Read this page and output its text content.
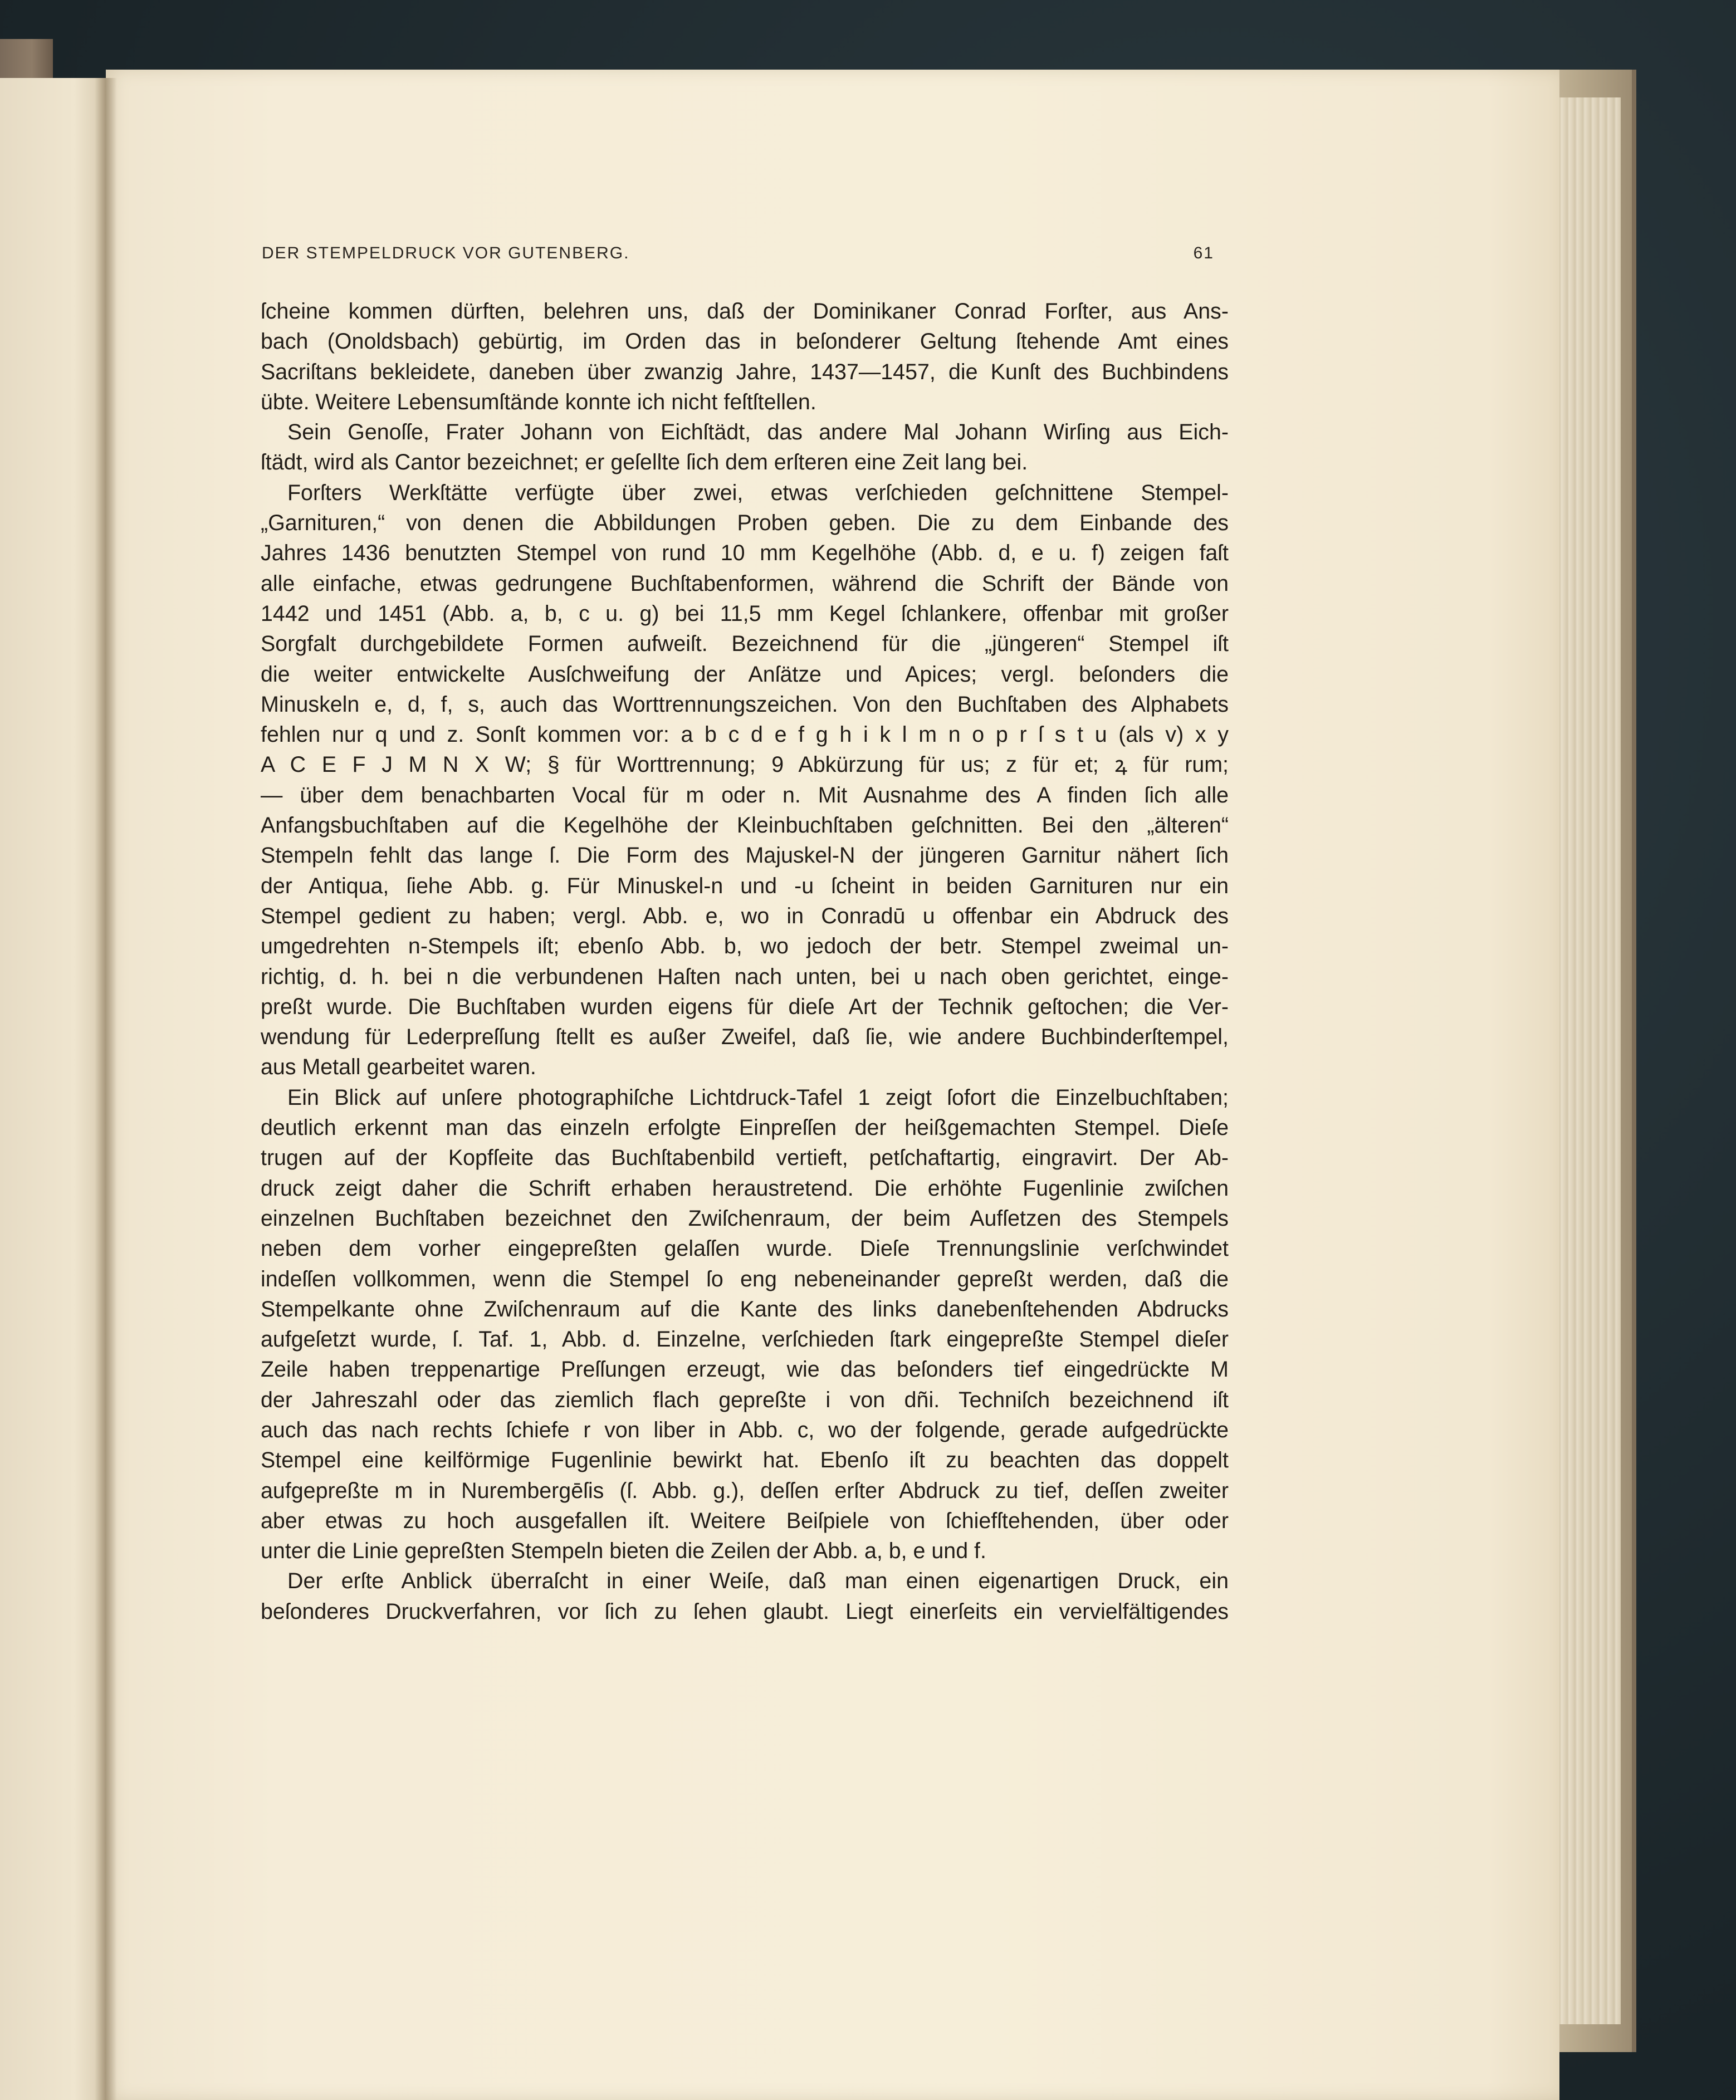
DER STEMPELDRUCK VOR GUTENBERG.	61
ſcheine kommen dürften, belehren uns, daß der Dominikaner Conrad Forſter, aus Ans-
bach (Onoldsbach) gebürtig, im Orden das in beſonderer Geltung ſtehende Amt eines
Sacriſtans bekleidete, daneben über zwanzig Jahre, 1437—1457, die Kunſt des Buchbindens
übte. Weitere Lebensumſtände konnte ich nicht feſtſtellen.
Sein Genoſſe, Frater Johann von Eichſtädt, das andere Mal Johann Wirſing aus Eich-
ſtädt, wird als Cantor bezeichnet; er geſellte ſich dem erſteren eine Zeit lang bei.
Forſters Werkſtätte verfügte über zwei, etwas verſchieden geſchnittene Stempel-
„Garnituren,“ von denen die Abbildungen Proben geben. Die zu dem Einbande des
Jahres 1436 benutzten Stempel von rund 10 mm Kegelhöhe (Abb. d, e u. f) zeigen faſt
alle einfache, etwas gedrungene Buchſtabenformen, während die Schrift der Bände von
1442 und 1451 (Abb. a, b, c u. g) bei 11,5 mm Kegel ſchlankere, offenbar mit großer
Sorgfalt durchgebildete Formen aufweiſt. Bezeichnend für die „jüngeren“ Stempel iſt
die weiter entwickelte Ausſchweifung der Anſätze und Apices; vergl. beſonders die
Minuskeln e, d, f, s, auch das Worttrennungszeichen. Von den Buchſtaben des Alphabets
fehlen nur q und z. Sonſt kommen vor: a b c d e f g h i k l m n o p r ſ s t u (als v) x y
A C E F J M N X W; § für Worttrennung; 9 Abkürzung für us; z für et; ꝝ für rum;
— über dem benachbarten Vocal für m oder n. Mit Ausnahme des A finden ſich alle
Anfangsbuchſtaben auf die Kegelhöhe der Kleinbuchſtaben geſchnitten. Bei den „älteren“
Stempeln fehlt das lange ſ. Die Form des Majuskel-N der jüngeren Garnitur nähert ſich
der Antiqua, ſiehe Abb. g. Für Minuskel-n und -u ſcheint in beiden Garnituren nur ein
Stempel gedient zu haben; vergl. Abb. e, wo in Conradū u offenbar ein Abdruck des
umgedrehten n-Stempels iſt; ebenſo Abb. b, wo jedoch der betr. Stempel zweimal un-
richtig, d. h. bei n die verbundenen Haſten nach unten, bei u nach oben gerichtet, einge-
preßt wurde. Die Buchſtaben wurden eigens für dieſe Art der Technik geſtochen; die Ver-
wendung für Lederpreſſung ſtellt es außer Zweifel, daß ſie, wie andere Buchbinderſtempel,
aus Metall gearbeitet waren.
Ein Blick auf unſere photographiſche Lichtdruck-Tafel 1 zeigt ſofort die Einzelbuchſtaben;
deutlich erkennt man das einzeln erfolgte Einpreſſen der heißgemachten Stempel. Dieſe
trugen auf der Kopfſeite das Buchſtabenbild vertieft, petſchaftartig, eingravirt. Der Ab-
druck zeigt daher die Schrift erhaben heraustretend. Die erhöhte Fugenlinie zwiſchen
einzelnen Buchſtaben bezeichnet den Zwiſchenraum, der beim Aufſetzen des Stempels
neben dem vorher eingepreßten gelaſſen wurde. Dieſe Trennungslinie verſchwindet
indeſſen vollkommen, wenn die Stempel ſo eng nebeneinander gepreßt werden, daß die
Stempelkante ohne Zwiſchenraum auf die Kante des links danebenſtehenden Abdrucks
aufgeſetzt wurde, ſ. Taf. 1, Abb. d. Einzelne, verſchieden ſtark eingepreßte Stempel dieſer
Zeile haben treppenartige Preſſungen erzeugt, wie das beſonders tief eingedrückte M
der Jahreszahl oder das ziemlich flach gepreßte i von dñi. Techniſch bezeichnend iſt
auch das nach rechts ſchiefe r von liber in Abb. c, wo der folgende, gerade aufgedrückte
Stempel eine keilförmige Fugenlinie bewirkt hat. Ebenſo iſt zu beachten das doppelt
aufgepreßte m in Nurembergēſis (ſ. Abb. g.), deſſen erſter Abdruck zu tief, deſſen zweiter
aber etwas zu hoch ausgefallen iſt. Weitere Beiſpiele von ſchiefſtehenden, über oder
unter die Linie gepreßten Stempeln bieten die Zeilen der Abb. a, b, e und f.
Der erſte Anblick überraſcht in einer Weiſe, daß man einen eigenartigen Druck, ein
beſonderes Druckverfahren, vor ſich zu ſehen glaubt. Liegt einerſeits ein vervielfältigendes
